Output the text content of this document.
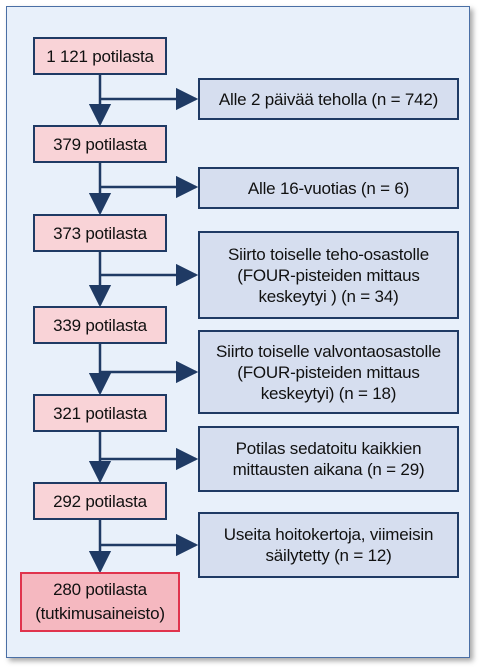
1 121 potilasta
379 potilasta
373 potilasta
339 potilasta
321 potilasta
292 potilasta
280 potilasta
(tutkimusaineisto)
Alle 2 päivää teholla (n = 742)
Alle 16-vuotias (n = 6)
Siirto toiselle teho-osastolle
(FOUR-pisteiden mittaus
keskeytyi ) (n = 34)
Siirto toiselle valvontaosastolle
(FOUR-pisteiden mittaus
keskeytyi) (n = 18)
Potilas sedatoitu kaikkien
mittausten aikana (n = 29)
Useita hoitokertoja, viimeisin
säilytetty (n = 12)
